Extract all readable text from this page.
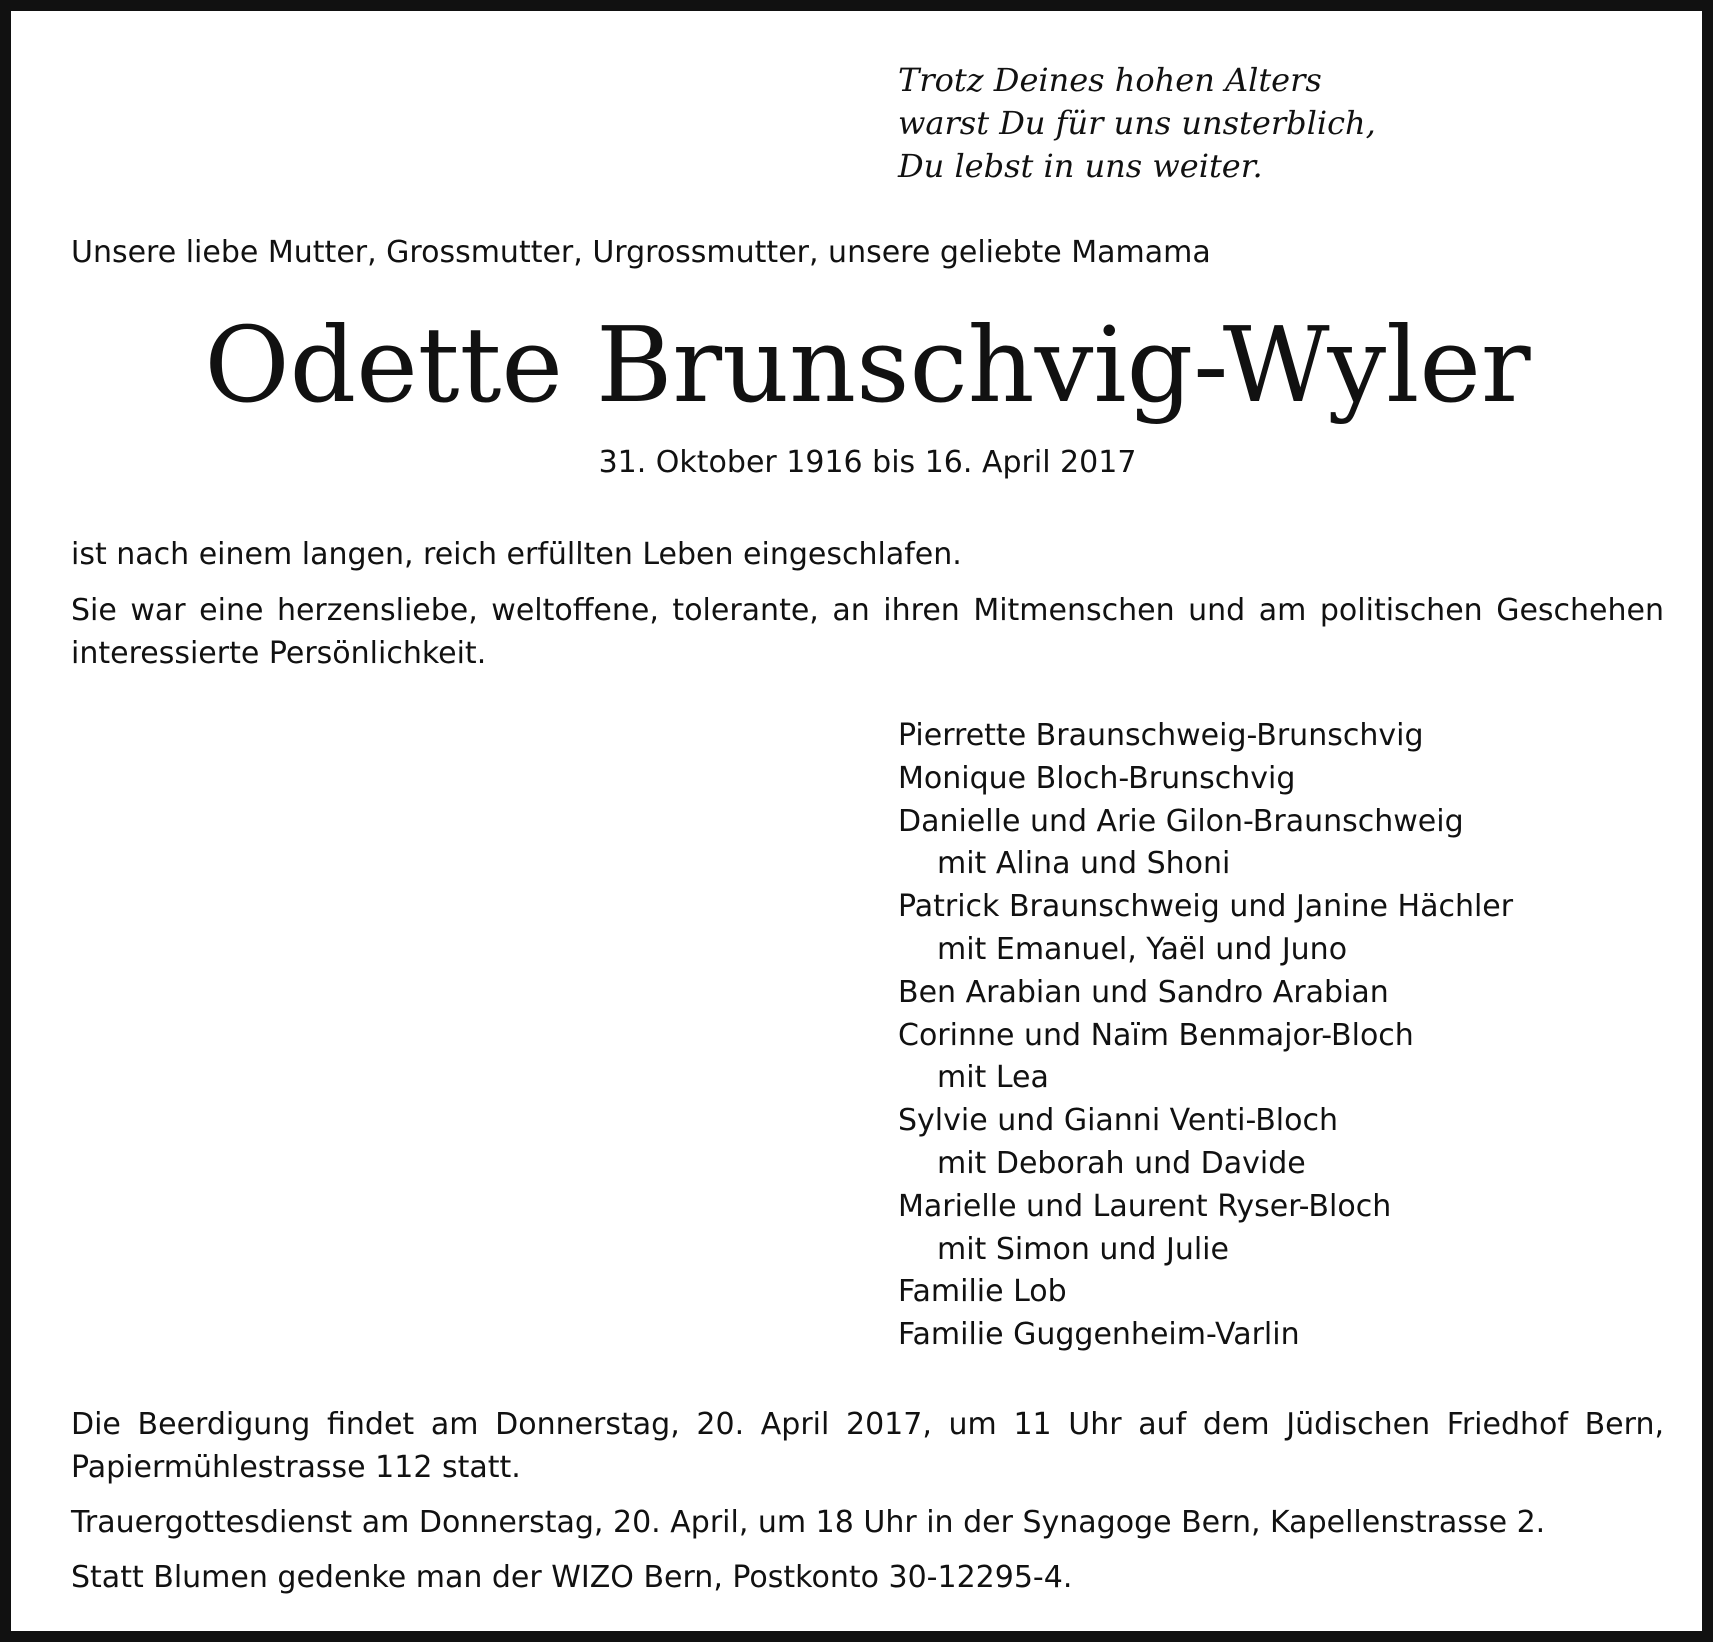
Trotz Deines hohen Alters
warst Du für uns unsterblich,
Du lebst in uns weiter.
Unsere liebe Mutter, Grossmutter, Urgrossmutter, unsere geliebte Mamama
Odette Brunschvig-Wyler
31. Oktober 1916 bis 16. April 2017
ist nach einem langen, reich erfüllten Leben eingeschlafen.
Sie war eine herzensliebe, weltoffene, tolerante, an ihren Mitmenschen und am politischen Geschehen interessierte Persönlichkeit.
Pierrette Braunschweig-Brunschvig
Monique Bloch-Brunschvig
Danielle und Arie Gilon-Braunschweig
mit Alina und Shoni
Patrick Braunschweig und Janine Hächler
mit Emanuel, Yaël und Juno
Ben Arabian und Sandro Arabian
Corinne und Naïm Benmajor-Bloch
mit Lea
Sylvie und Gianni Venti-Bloch
mit Deborah und Davide
Marielle und Laurent Ryser-Bloch
mit Simon und Julie
Familie Lob
Familie Guggenheim-Varlin
Die Beerdigung findet am Donnerstag, 20. April 2017, um 11 Uhr auf dem Jüdischen Friedhof Bern, Papiermühlestrasse 112 statt.
Trauergottesdienst am Donnerstag, 20. April, um 18 Uhr in der Synagoge Bern, Kapellenstrasse 2.
Statt Blumen gedenke man der WIZO Bern, Postkonto 30-12295-4.
